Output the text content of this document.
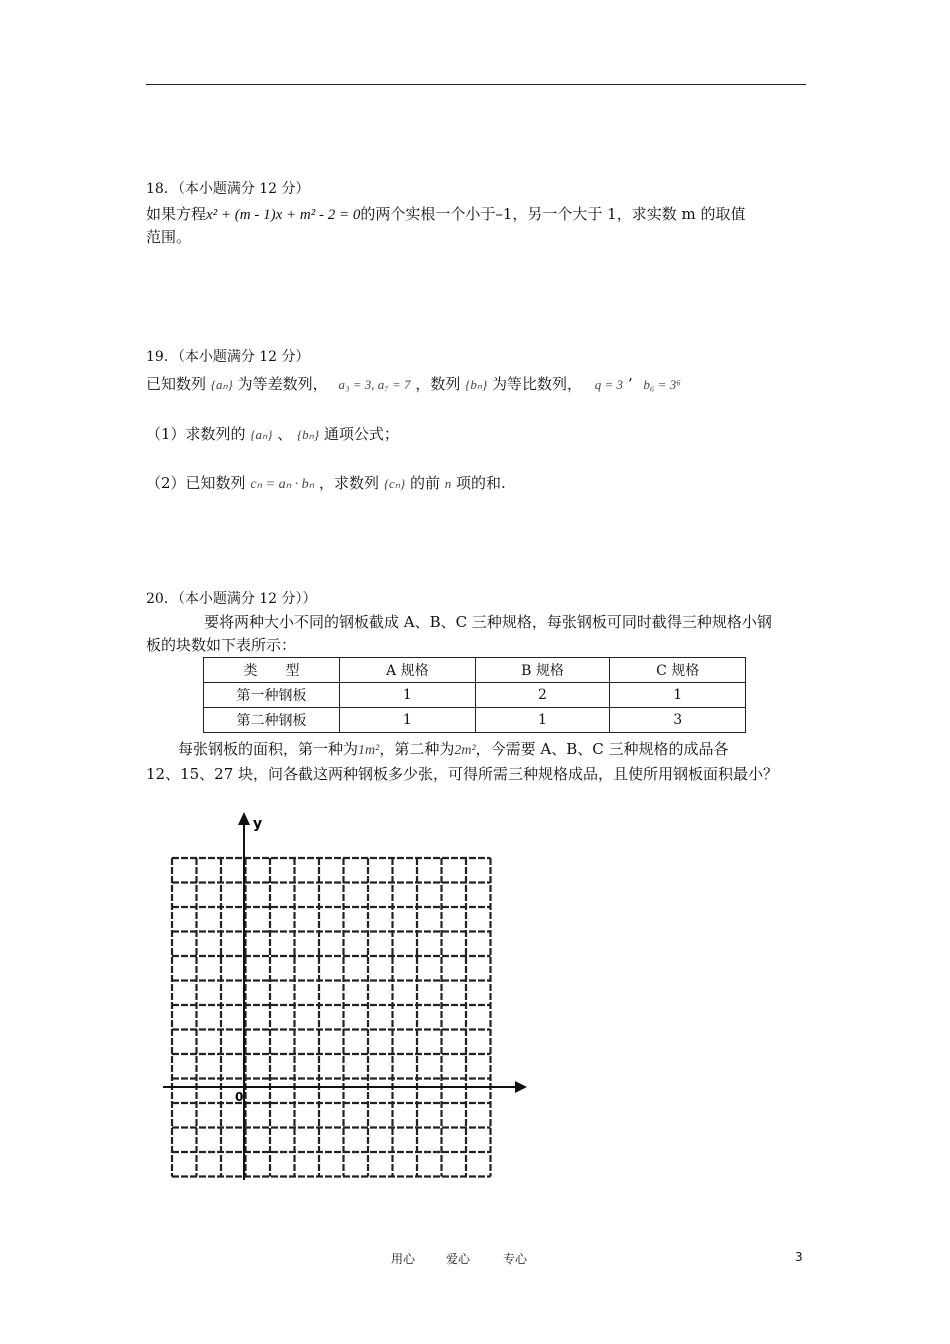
18．（本小题满分 12 分）
如果方程x² + (m - 1)x + m² - 2 = 0的两个实根一个小于–1，另一个大于 1，求实数 m 的取值
范围。
19．（本小题满分 12 分）
已知数列 {aₙ} 为等差数列， a₃ = 3, a₇ = 7 ，数列 {bₙ} 为等比数列， q = 3 ’ b₆ = 3⁶
（1）求数列的 {aₙ} 、 {bₙ} 通项公式；
（2）已知数列 cₙ = aₙ · bₙ ，求数列 {cₙ} 的前 n 项的和.
20．（本小题满分 12 分））
要将两种大小不同的钢板截成 A、B、C 三种规格，每张钢板可同时截得三种规格小钢
板的块数如下表所示：
类　　型	A 规格	B 规格	C 规格
第一种钢板	1	2	1
第二种钢板	1	1	3
每张钢板的面积，第一种为1m²，第二种为2m²，今需要 A、B、C 三种规格的成品各
12、15、27 块，问各截这两种钢板多少张，可得所需三种规格成品，且使所用钢板面积最小？
y
0
用心	爱心	专心	3
